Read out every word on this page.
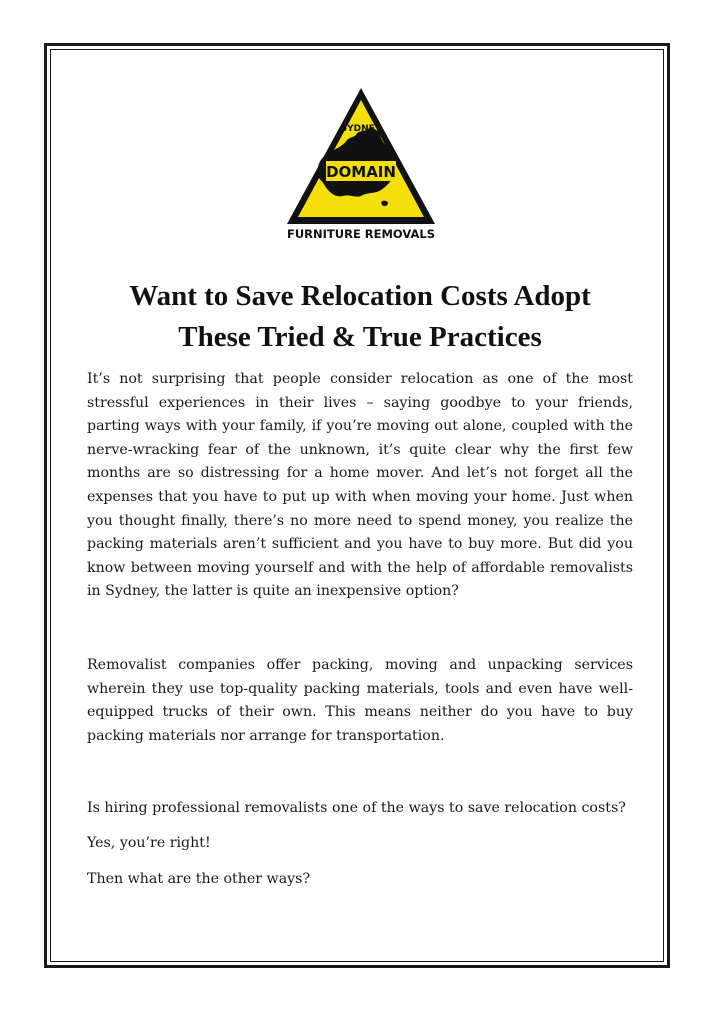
SYDNEY
DOMAIN
FURNITURE REMOVALS
Want to Save Relocation Costs Adopt These Tried & True Practices

It’s not surprising that people consider relocation as one of the most stressful experiences in their lives – saying goodbye to your friends, parting ways with your family, if you’re moving out alone, coupled with the nerve-wracking fear of the unknown, it’s quite clear why the first few months are so distressing for a home mover. And let’s not forget all the expenses that you have to put up with when moving your home. Just when you thought finally, there’s no more need to spend money, you realize the packing materials aren’t sufficient and you have to buy more. But did you know between moving yourself and with the help of affordable removalists in Sydney, the latter is quite an inexpensive option?

Removalist companies offer packing, moving and unpacking services wherein they use top-quality packing materials, tools and even have well-equipped trucks of their own. This means neither do you have to buy packing materials nor arrange for transportation.

Is hiring professional removalists one of the ways to save relocation costs?

Yes, you’re right!

Then what are the other ways?
